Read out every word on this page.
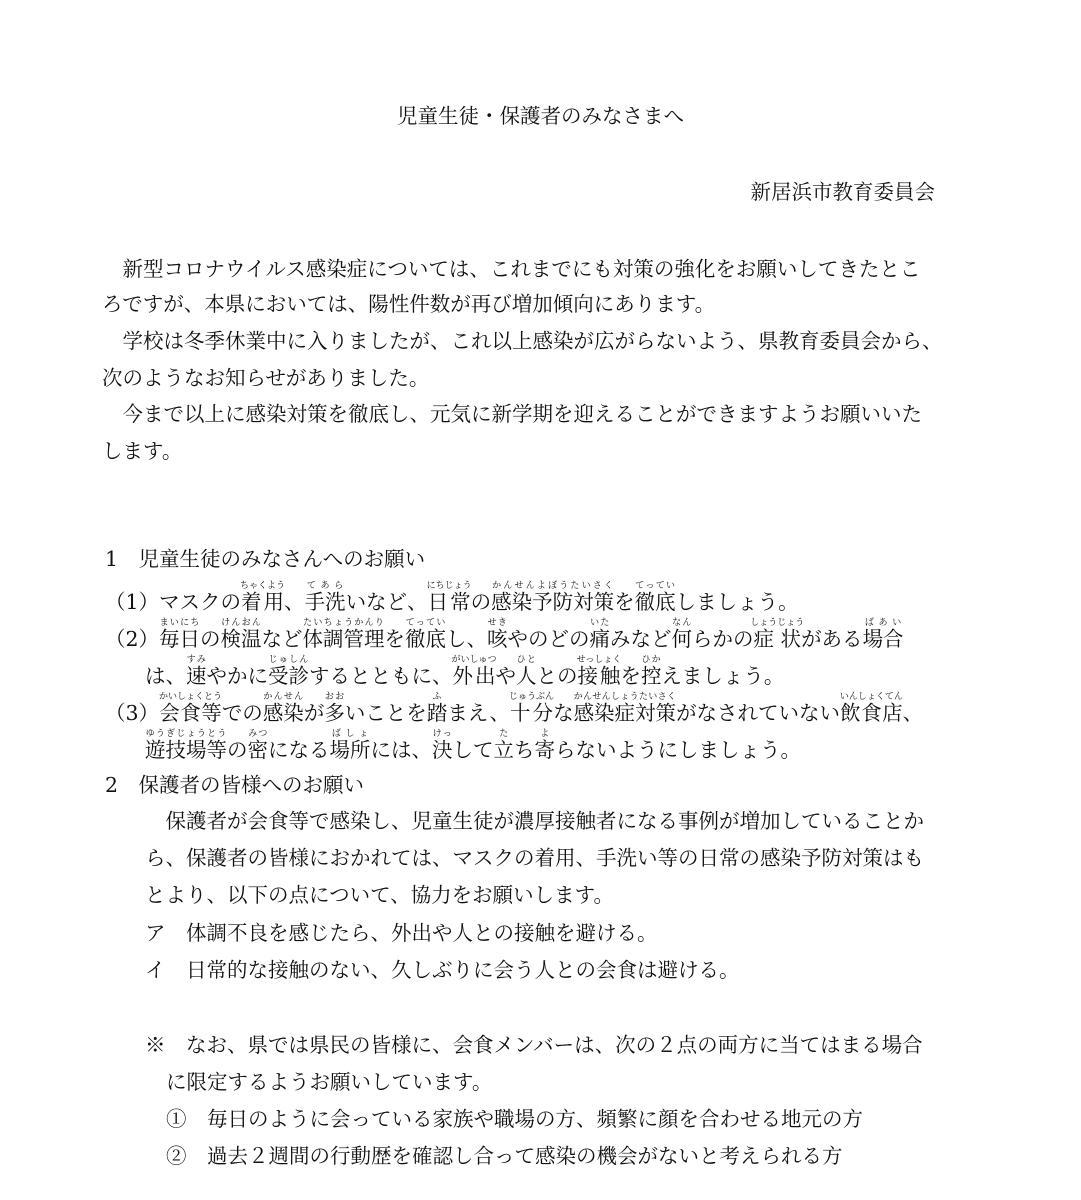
児童生徒・保護者のみなさまへ
新居浜市教育委員会
　新型コロナウイルス感染症については、これまでにも対策の強化をお願いしてきたとこ
ろですが、本県においては、陽性件数が再び増加傾向にあります。
　学校は冬季休業中に入りましたが、これ以上感染が広がらないよう、県教育委員会から、
次のようなお知らせがありました。
　今まで以上に感染対策を徹底し、元気に新学期を迎えることができますようお願いいた
します。
1　児童生徒のみなさんへのお願い
（1）マスクの着用ちゃくよう、手洗てあらいなど、日常にちじょうの感染予防対策かんせんよぼうたいさくを徹底てっていしましょう。
（2）毎日まいにちの検温けんおんなど体調管理たいちょうかんりを徹底てっていし、咳せきやのどの痛いたみなど何なんらかの症状しょうじょうがある場合ばあい
は、速すみやかに受診じゅしんするとともに、外出がいしゅつや人ひととの接触せっしょくを控ひかえましょう。
（3）会食等かいしょくとうでの感染かんせんが多おおいことを踏ふまえ、十分じゅうぶんな感染症対策かんせんしょうたいさくがなされていない飲食店いんしょくてん、
遊技場等ゆうぎじょうとうの密みつになる場所ばしょには、決けっして立たち寄よらないようにしましょう。
2　保護者の皆様へのお願い
　保護者が会食等で感染し、児童生徒が濃厚接触者になる事例が増加していることか
ら、保護者の皆様におかれては、マスクの着用、手洗い等の日常の感染予防対策はも
とより、以下の点について、協力をお願いします。
ア　体調不良を感じたら、外出や人との接触を避ける。
イ　日常的な接触のない、久しぶりに会う人との会食は避ける。
※　なお、県では県民の皆様に、会食メンバーは、次の２点の両方に当てはまる場合
に限定するようお願いしています。
①　毎日のように会っている家族や職場の方、頻繁に顔を合わせる地元の方
②　過去２週間の行動歴を確認し合って感染の機会がないと考えられる方
